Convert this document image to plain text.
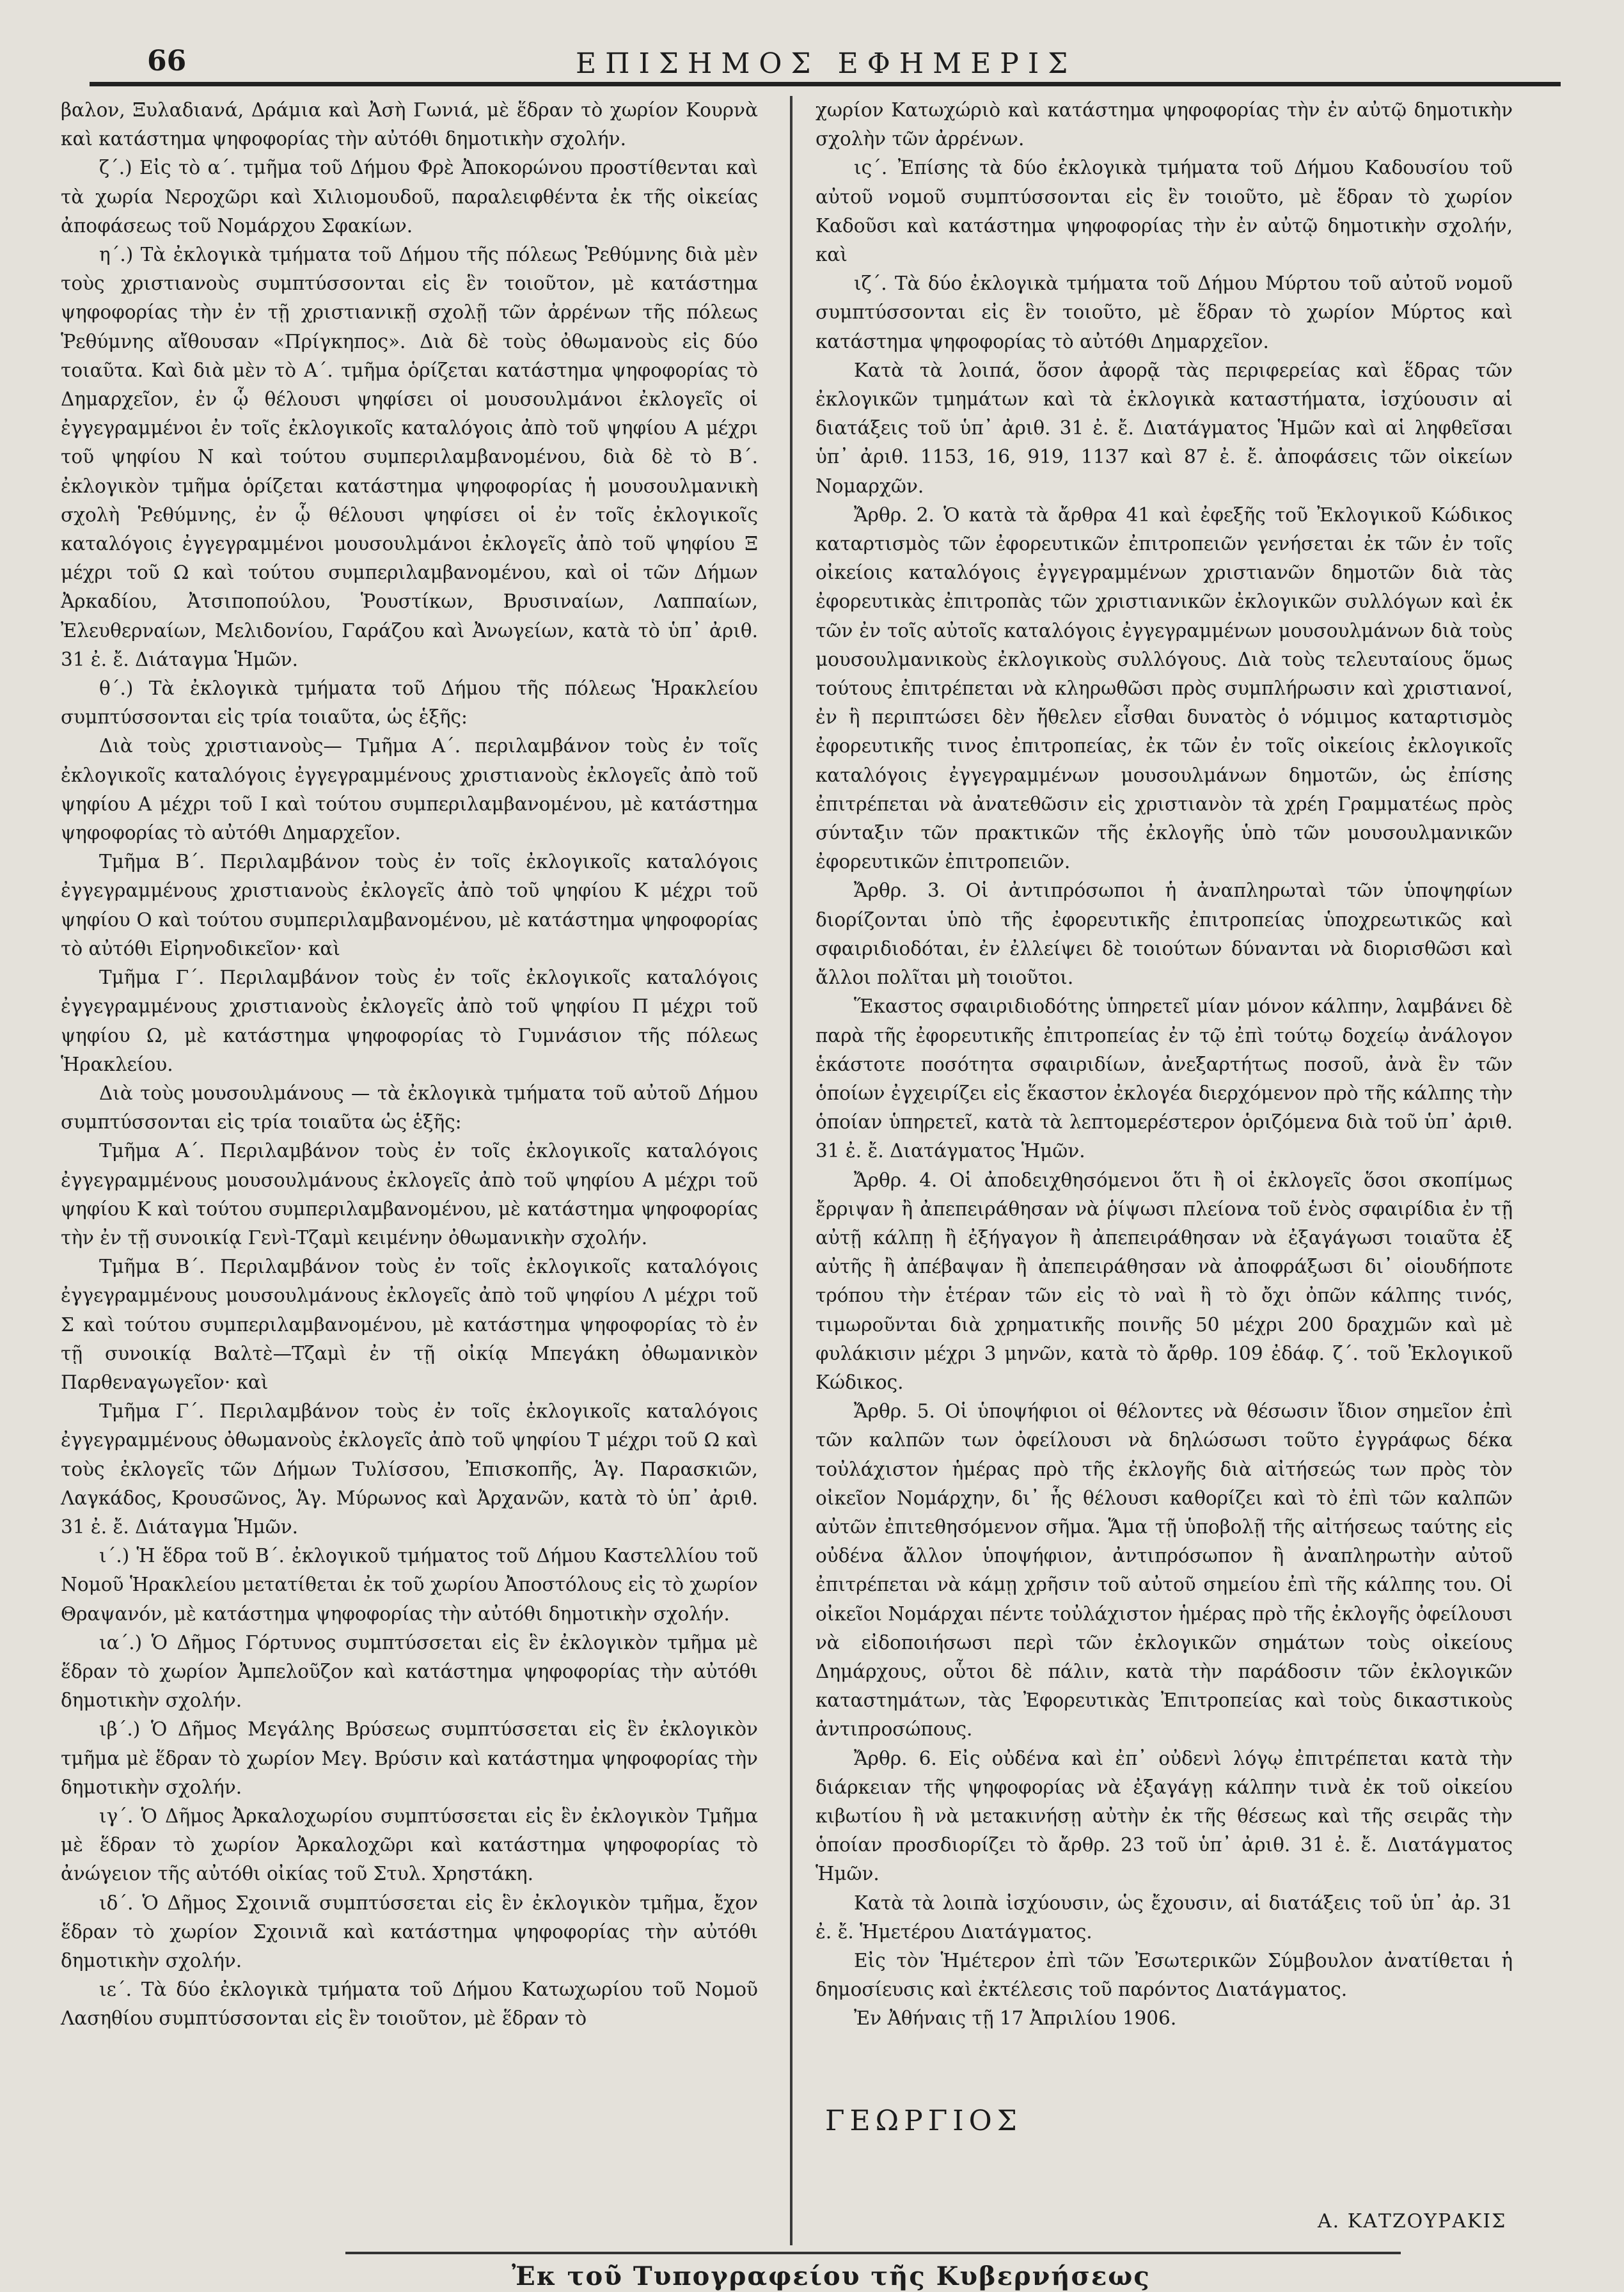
66	ΕΠΙΣΗΜΟΣ ΕΦΗΜΕΡΙΣ

βαλον, Ξυλαδιανά, Δράμια καὶ Ἀσὴ Γωνιά, μὲ ἕδραν τὸ χωρίον Κουρνὰ καὶ κατάστημα ψηφοφορίας τὴν αὐτόθι δημοτικὴν σχολήν.

ζ΄.) Εἰς τὸ α΄. τμῆμα τοῦ Δήμου Φρὲ Ἀποκορώνου προστίθενται καὶ τὰ χωρία Νεροχῶρι καὶ Χιλιομουδοῦ, παραλειφθέντα ἐκ τῆς οἰκείας ἀποφάσεως τοῦ Νομάρχου Σφακίων.

η΄.) Τὰ ἐκλογικὰ τμήματα τοῦ Δήμου τῆς πόλεως Ῥεθύμνης διὰ μὲν τοὺς χριστιανοὺς συμπτύσσονται εἰς ἓν τοιοῦτον, μὲ κατάστημα ψηφοφορίας τὴν ἐν τῇ χριστιανικῇ σχολῇ τῶν ἀρρένων τῆς πόλεως Ῥεθύμνης αἴθουσαν «Πρίγκηπος». Διὰ δὲ τοὺς ὀθωμανοὺς εἰς δύο τοιαῦτα. Καὶ διὰ μὲν τὸ Α΄. τμῆμα ὁρίζεται κατάστημα ψηφοφορίας τὸ Δημαρχεῖον, ἐν ᾧ θέλουσι ψηφίσει οἱ μουσουλμάνοι ἐκλογεῖς οἱ ἐγγεγραμμένοι ἐν τοῖς ἐκλογικοῖς καταλόγοις ἀπὸ τοῦ ψηφίου Α μέχρι τοῦ ψηφίου Ν καὶ τούτου συμπεριλαμβανομένου, διὰ δὲ τὸ Β΄. ἐκλογικὸν τμῆμα ὁρίζεται κατάστημα ψηφοφορίας ἡ μουσουλμανικὴ σχολὴ Ῥεθύμνης, ἐν ᾧ θέλουσι ψηφίσει οἱ ἐν τοῖς ἐκλογικοῖς καταλόγοις ἐγγεγραμμένοι μουσουλμάνοι ἐκλογεῖς ἀπὸ τοῦ ψηφίου Ξ μέχρι τοῦ Ω καὶ τούτου συμπεριλαμβανομένου, καὶ οἱ τῶν Δήμων Ἀρκαδίου, Ἀτσιποπούλου, Ῥουστίκων, Βρυσιναίων, Λαππαίων, Ἐλευθερναίων, Μελιδονίου, Γαράζου καὶ Ἀνωγείων, κατὰ τὸ ὑπ᾽ ἀριθ. 31 ἐ. ἔ. Διάταγμα Ἡμῶν.

θ΄.) Τὰ ἐκλογικὰ τμήματα τοῦ Δήμου τῆς πόλεως Ἡρακλείου συμπτύσσονται εἰς τρία τοιαῦτα, ὡς ἑξῆς:

Διὰ τοὺς χριστιανοὺς— Τμῆμα Α΄. περιλαμβάνον τοὺς ἐν τοῖς ἐκλογικοῖς καταλόγοις ἐγγεγραμμένους χριστιανοὺς ἐκλογεῖς ἀπὸ τοῦ ψηφίου Α μέχρι τοῦ Ι καὶ τούτου συμπεριλαμβανομένου, μὲ κατάστημα ψηφοφορίας τὸ αὐτόθι Δημαρχεῖον.

Τμῆμα Β΄. Περιλαμβάνον τοὺς ἐν τοῖς ἐκλογικοῖς καταλόγοις ἐγγεγραμμένους χριστιανοὺς ἐκλογεῖς ἀπὸ τοῦ ψηφίου Κ μέχρι τοῦ ψηφίου Ο καὶ τούτου συμπεριλαμβανομένου, μὲ κατάστημα ψηφοφορίας τὸ αὐτόθι Εἰρηνοδικεῖον· καὶ

Τμῆμα Γ΄. Περιλαμβάνον τοὺς ἐν τοῖς ἐκλογικοῖς καταλόγοις ἐγγεγραμμένους χριστιανοὺς ἐκλογεῖς ἀπὸ τοῦ ψηφίου Π μέχρι τοῦ ψηφίου Ω, μὲ κατάστημα ψηφοφορίας τὸ Γυμνάσιον τῆς πόλεως Ἡρακλείου.

Διὰ τοὺς μουσουλμάνους — τὰ ἐκλογικὰ τμήματα τοῦ αὐτοῦ Δήμου συμπτύσσονται εἰς τρία τοιαῦτα ὡς ἑξῆς:

Τμῆμα Α΄. Περιλαμβάνον τοὺς ἐν τοῖς ἐκλογικοῖς καταλόγοις ἐγγεγραμμένους μουσουλμάνους ἐκλογεῖς ἀπὸ τοῦ ψηφίου Α μέχρι τοῦ ψηφίου Κ καὶ τούτου συμπεριλαμβανομένου, μὲ κατάστημα ψηφοφορίας τὴν ἐν τῇ συνοικίᾳ Γενὶ-Τζαμὶ κειμένην ὀθωμανικὴν σχολήν.

Τμῆμα Β΄. Περιλαμβάνον τοὺς ἐν τοῖς ἐκλογικοῖς καταλόγοις ἐγγεγραμμένους μουσουλμάνους ἐκλογεῖς ἀπὸ τοῦ ψηφίου Λ μέχρι τοῦ Σ καὶ τούτου συμπεριλαμβανομένου, μὲ κατάστημα ψηφοφορίας τὸ ἐν τῇ συνοικίᾳ Βαλτὲ—Τζαμὶ ἐν τῇ οἰκίᾳ Μπεγάκη ὀθωμανικὸν Παρθεναγωγεῖον· καὶ

Τμῆμα Γ΄. Περιλαμβάνον τοὺς ἐν τοῖς ἐκλογικοῖς καταλόγοις ἐγγεγραμμένους ὀθωμανοὺς ἐκλογεῖς ἀπὸ τοῦ ψηφίου Τ μέχρι τοῦ Ω καὶ τοὺς ἐκλογεῖς τῶν Δήμων Τυλίσσου, Ἐπισκοπῆς, Ἁγ. Παρασκιῶν, Λαγκάδος, Κρουσῶνος, Ἁγ. Μύρωνος καὶ Ἀρχανῶν, κατὰ τὸ ὑπ᾽ ἀριθ. 31 ἐ. ἔ. Διάταγμα Ἡμῶν.

ι΄.) Ἡ ἕδρα τοῦ Β΄. ἐκλογικοῦ τμήματος τοῦ Δήμου Καστελλίου τοῦ Νομοῦ Ἡρακλείου μετατίθεται ἐκ τοῦ χωρίου Ἀποστόλους εἰς τὸ χωρίον Θραψανόν, μὲ κατάστημα ψηφοφορίας τὴν αὐτόθι δημοτικὴν σχολήν.

ια΄.) Ὁ Δῆμος Γόρτυνος συμπτύσσεται εἰς ἓν ἐκλογικὸν τμῆμα μὲ ἕδραν τὸ χωρίον Ἀμπελοῦζον καὶ κατάστημα ψηφοφορίας τὴν αὐτόθι δημοτικὴν σχολήν.

ιβ΄.) Ὁ Δῆμος Μεγάλης Βρύσεως συμπτύσσεται εἰς ἓν ἐκλογικὸν τμῆμα μὲ ἕδραν τὸ χωρίον Μεγ. Βρύσιν καὶ κατάστημα ψηφοφορίας τὴν δημοτικὴν σχολήν.

ιγ΄. Ὁ Δῆμος Ἀρκαλοχωρίου συμπτύσσεται εἰς ἓν ἐκλογικὸν Τμῆμα μὲ ἕδραν τὸ χωρίον Ἀρκαλοχῶρι καὶ κατάστημα ψηφοφορίας τὸ ἀνώγειον τῆς αὐτόθι οἰκίας τοῦ Στυλ. Χρηστάκη.

ιδ΄. Ὁ Δῆμος Σχοινιᾶ συμπτύσσεται εἰς ἓν ἐκλογικὸν τμῆμα, ἔχον ἕδραν τὸ χωρίον Σχοινιᾶ καὶ κατάστημα ψηφοφορίας τὴν αὐτόθι δημοτικὴν σχολήν.

ιε΄. Τὰ δύο ἐκλογικὰ τμήματα τοῦ Δήμου Κατωχωρίου τοῦ Νομοῦ Λασηθίου συμπτύσσονται εἰς ἓν τοιοῦτον, μὲ ἕδραν τὸ

χωρίον Κατωχώριὸ καὶ κατάστημα ψηφοφορίας τὴν ἐν αὐτῷ δημοτικὴν σχολὴν τῶν ἀρρένων.

ις΄. Ἐπίσης τὰ δύο ἐκλογικὰ τμήματα τοῦ Δήμου Καδουσίου τοῦ αὐτοῦ νομοῦ συμπτύσσονται εἰς ἓν τοιοῦτο, μὲ ἕδραν τὸ χωρίον Καδοῦσι καὶ κατάστημα ψηφοφορίας τὴν ἐν αὐτῷ δημοτικὴν σχολήν, καὶ

ιζ΄. Τὰ δύο ἐκλογικὰ τμήματα τοῦ Δήμου Μύρτου τοῦ αὐτοῦ νομοῦ συμπτύσσονται εἰς ἓν τοιοῦτο, μὲ ἕδραν τὸ χωρίον Μύρτος καὶ κατάστημα ψηφοφορίας τὸ αὐτόθι Δημαρχεῖον.

Κατὰ τὰ λοιπά, ὅσον ἀφορᾷ τὰς περιφερείας καὶ ἕδρας τῶν ἐκλογικῶν τμημάτων καὶ τὰ ἐκλογικὰ καταστήματα, ἰσχύουσιν αἱ διατάξεις τοῦ ὑπ᾽ ἀριθ. 31 ἐ. ἔ. Διατάγματος Ἡμῶν καὶ αἱ ληφθεῖσαι ὑπ᾽ ἀριθ. 1153, 16, 919, 1137 καὶ 87 ἐ. ἔ. ἀποφάσεις τῶν οἰκείων Νομαρχῶν.

Ἄρθρ. 2. Ὁ κατὰ τὰ ἄρθρα 41 καὶ ἐφεξῆς τοῦ Ἐκλογικοῦ Κώδικος καταρτισμὸς τῶν ἐφορευτικῶν ἐπιτροπειῶν γενήσεται ἐκ τῶν ἐν τοῖς οἰκείοις καταλόγοις ἐγγεγραμμένων χριστιανῶν δημοτῶν διὰ τὰς ἐφορευτικὰς ἐπιτροπὰς τῶν χριστιανικῶν ἐκλογικῶν συλλόγων καὶ ἐκ τῶν ἐν τοῖς αὐτοῖς καταλόγοις ἐγγεγραμμένων μουσουλμάνων διὰ τοὺς μουσουλμανικοὺς ἐκλογικοὺς συλλόγους. Διὰ τοὺς τελευταίους ὅμως τούτους ἐπιτρέπεται νὰ κληρωθῶσι πρὸς συμπλήρωσιν καὶ χριστιανοί, ἐν ἣ περιπτώσει δὲν ἤθελεν εἶσθαι δυνατὸς ὁ νόμιμος καταρτισμὸς ἐφορευτικῆς τινος ἐπιτροπείας, ἐκ τῶν ἐν τοῖς οἰκείοις ἐκλογικοῖς καταλόγοις ἐγγεγραμμένων μουσουλμάνων δημοτῶν, ὡς ἐπίσης ἐπιτρέπεται νὰ ἀνατεθῶσιν εἰς χριστιανὸν τὰ χρέη Γραμματέως πρὸς σύνταξιν τῶν πρακτικῶν τῆς ἐκλογῆς ὑπὸ τῶν μουσουλμανικῶν ἐφορευτικῶν ἐπιτροπειῶν.

Ἄρθρ. 3. Οἱ ἀντιπρόσωποι ἡ ἀναπληρωταὶ τῶν ὑποψηφίων διορίζονται ὑπὸ τῆς ἐφορευτικῆς ἐπιτροπείας ὑποχρεωτικῶς καὶ σφαιριδιοδόται, ἐν ἐλλείψει δὲ τοιούτων δύνανται νὰ διορισθῶσι καὶ ἄλλοι πολῖται μὴ τοιοῦτοι.

Ἕκαστος σφαιριδιοδότης ὑπηρετεῖ μίαν μόνον κάλπην, λαμβάνει δὲ παρὰ τῆς ἐφορευτικῆς ἐπιτροπείας ἐν τῷ ἐπὶ τούτῳ δοχείῳ ἀνάλογον ἑκάστοτε ποσότητα σφαιριδίων, ἀνεξαρτήτως ποσοῦ, ἀνὰ ἓν τῶν ὁποίων ἐγχειρίζει εἰς ἕκαστον ἐκλογέα διερχόμενον πρὸ τῆς κάλπης τὴν ὁποίαν ὑπηρετεῖ, κατὰ τὰ λεπτομερέστερον ὁριζόμενα διὰ τοῦ ὑπ᾽ ἀριθ. 31 ἐ. ἔ. Διατάγματος Ἡμῶν.

Ἄρθρ. 4. Οἱ ἀποδειχθησόμενοι ὅτι ἢ οἱ ἐκλογεῖς ὅσοι σκοπίμως ἔρριψαν ἢ ἀπεπειράθησαν νὰ ῥίψωσι πλείονα τοῦ ἑνὸς σφαιρίδια ἐν τῇ αὐτῇ κάλπῃ ἢ ἐξήγαγον ἢ ἀπεπειράθησαν νὰ ἐξαγάγωσι τοιαῦτα ἐξ αὐτῆς ἢ ἀπέβαψαν ἢ ἀπεπειράθησαν νὰ ἀποφράξωσι δι᾽ οἱουδήποτε τρόπου τὴν ἑτέραν τῶν εἰς τὸ ναὶ ἢ τὸ ὄχι ὀπῶν κάλπης τινός, τιμωροῦνται διὰ χρηματικῆς ποινῆς 50 μέχρι 200 δραχμῶν καὶ μὲ φυλάκισιν μέχρι 3 μηνῶν, κατὰ τὸ ἄρθρ. 109 ἐδάφ. ζ΄. τοῦ Ἐκλογικοῦ Κώδικος.

Ἄρθρ. 5. Οἱ ὑποψήφιοι οἱ θέλοντες νὰ θέσωσιν ἴδιον σημεῖον ἐπὶ τῶν καλπῶν των ὀφείλουσι νὰ δηλώσωσι τοῦτο ἐγγράφως δέκα τοὐλάχιστον ἡμέρας πρὸ τῆς ἐκλογῆς διὰ αἰτήσεώς των πρὸς τὸν οἰκεῖον Νομάρχην, δι᾽ ἧς θέλουσι καθορίζει καὶ τὸ ἐπὶ τῶν καλπῶν αὐτῶν ἐπιτεθησόμενον σῆμα. Ἅμα τῇ ὑποβολῇ τῆς αἰτήσεως ταύτης εἰς οὐδένα ἄλλον ὑποψήφιον, ἀντιπρόσωπον ἢ ἀναπληρωτὴν αὐτοῦ ἐπιτρέπεται νὰ κάμῃ χρῆσιν τοῦ αὐτοῦ σημείου ἐπὶ τῆς κάλπης του. Οἱ οἰκεῖοι Νομάρχαι πέντε τοὐλάχιστον ἡμέρας πρὸ τῆς ἐκλογῆς ὀφείλουσι νὰ εἰδοποιήσωσι περὶ τῶν ἐκλογικῶν σημάτων τοὺς οἰκείους Δημάρχους, οὗτοι δὲ πάλιν, κατὰ τὴν παράδοσιν τῶν ἐκλογικῶν καταστημάτων, τὰς Ἐφορευτικὰς Ἐπιτροπείας καὶ τοὺς δικαστικοὺς ἀντιπροσώπους.

Ἄρθρ. 6. Εἰς οὐδένα καὶ ἐπ᾽ οὐδενὶ λόγῳ ἐπιτρέπεται κατὰ τὴν διάρκειαν τῆς ψηφοφορίας νὰ ἐξαγάγῃ κάλπην τινὰ ἐκ τοῦ οἰκείου κιβωτίου ἢ νὰ μετακινήσῃ αὐτὴν ἐκ τῆς θέσεως καὶ τῆς σειρᾶς τὴν ὁποίαν προσδιορίζει τὸ ἄρθρ. 23 τοῦ ὑπ᾽ ἀριθ. 31 ἐ. ἔ. Διατάγματος Ἡμῶν.

Κατὰ τὰ λοιπὰ ἰσχύουσιν, ὡς ἔχουσιν, αἱ διατάξεις τοῦ ὑπ᾽ ἀρ. 31 ἐ. ἔ. Ἡμετέρου Διατάγματος.

Εἰς τὸν Ἡμέτερον ἐπὶ τῶν Ἐσωτερικῶν Σύμβουλον ἀνατίθεται ἡ δημοσίευσις καὶ ἐκτέλεσις τοῦ παρόντος Διατάγματος.

Ἐν Ἀθήναις τῇ 17 Ἀπριλίου 1906.

ΓΕΩΡΓΙΟΣ
Α. ΚΑΤΖΟΥΡΑΚΙΣ
Ἐκ τοῦ Τυπογραφείου τῆς Κυβερνήσεως
